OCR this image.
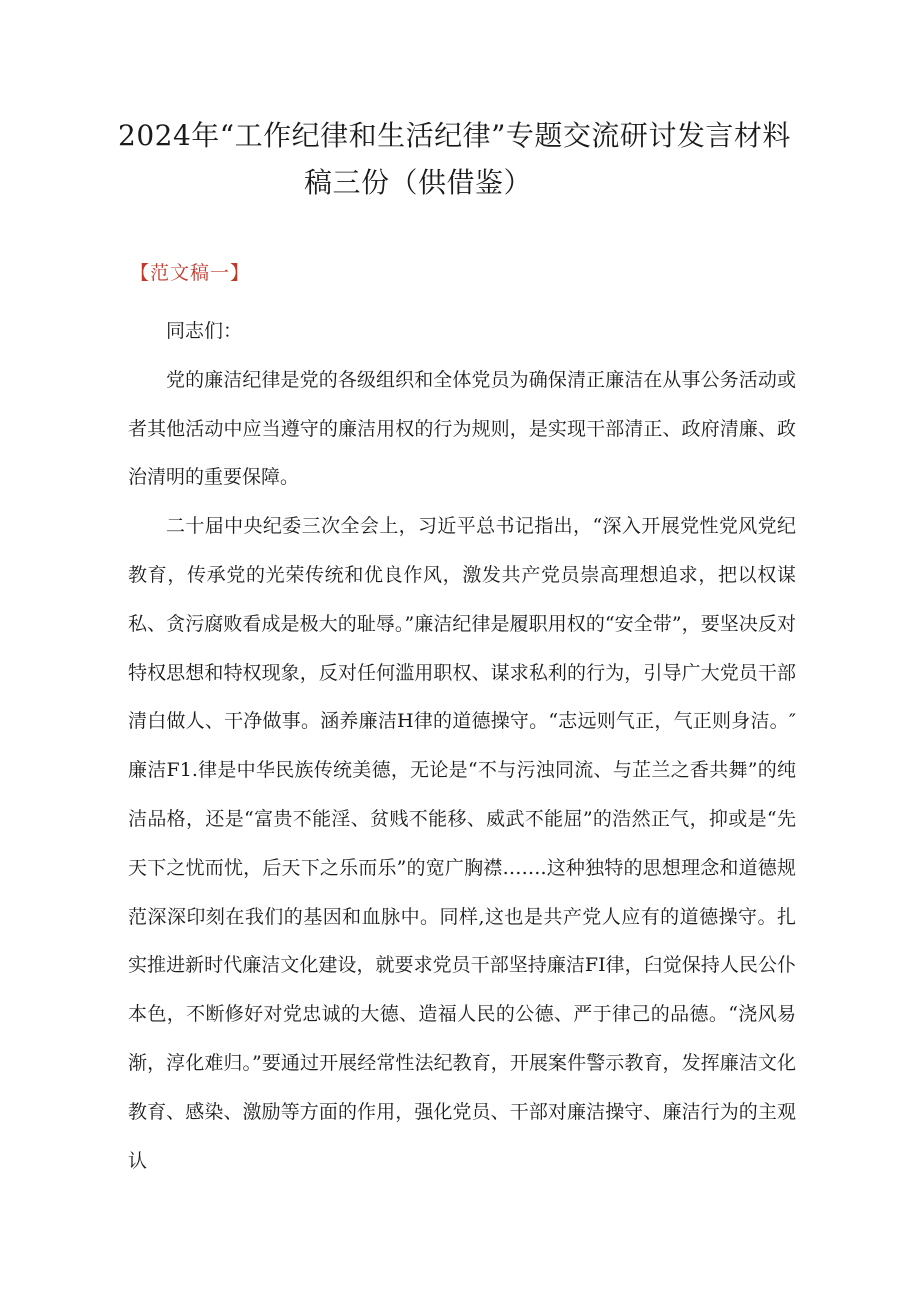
2024年“工作纪律和生活纪律”专题交流研讨发言材料
稿三份（供借鉴）
【范文稿一】

同志们：

党的廉洁纪律是党的各级组织和全体党员为确保清正廉洁在从事公务活动或者其他活动中应当遵守的廉洁用权的行为规则，是实现干部清正、政府清廉、政治清明的重要保障。

二十届中央纪委三次全会上，习近平总书记指出，“深入开展党性党风党纪教育，传承党的光荣传统和优良作风，激发共产党员崇高理想追求，把以权谋私、贪污腐败看成是极大的耻辱。”廉洁纪律是履职用权的“安全带”，要坚决反对特权思想和特权现象，反对任何滥用职权、谋求私利的行为，引导广大党员干部清白做人、干净做事。涵养廉洁H律的道德操守。“志远则气正，气正则身洁。″廉洁F1.律是中华民族传统美德，无论是“不与污浊同流、与芷兰之香共舞”的纯洁品格，还是“富贵不能淫、贫贱不能移、威武不能屈”的浩然正气，抑或是“先天下之忧而忧，后天下之乐而乐”的宽广胸襟…….这种独特的思想理念和道德规范深深印刻在我们的基因和血脉中。同样,这也是共产党人应有的道德操守。扎实推进新时代廉洁文化建设，就要求党员干部坚持廉洁FI律，臼觉保持人民公仆本色，不断修好对党忠诚的大德、造福人民的公德、严于律己的品德。“浇风易渐，淳化难归。”要通过开展经常性法纪教育，开展案件警示教育，发挥廉洁文化教育、感染、激励等方面的作用，强化党员、干部对廉洁操守、廉洁行为的主观认
